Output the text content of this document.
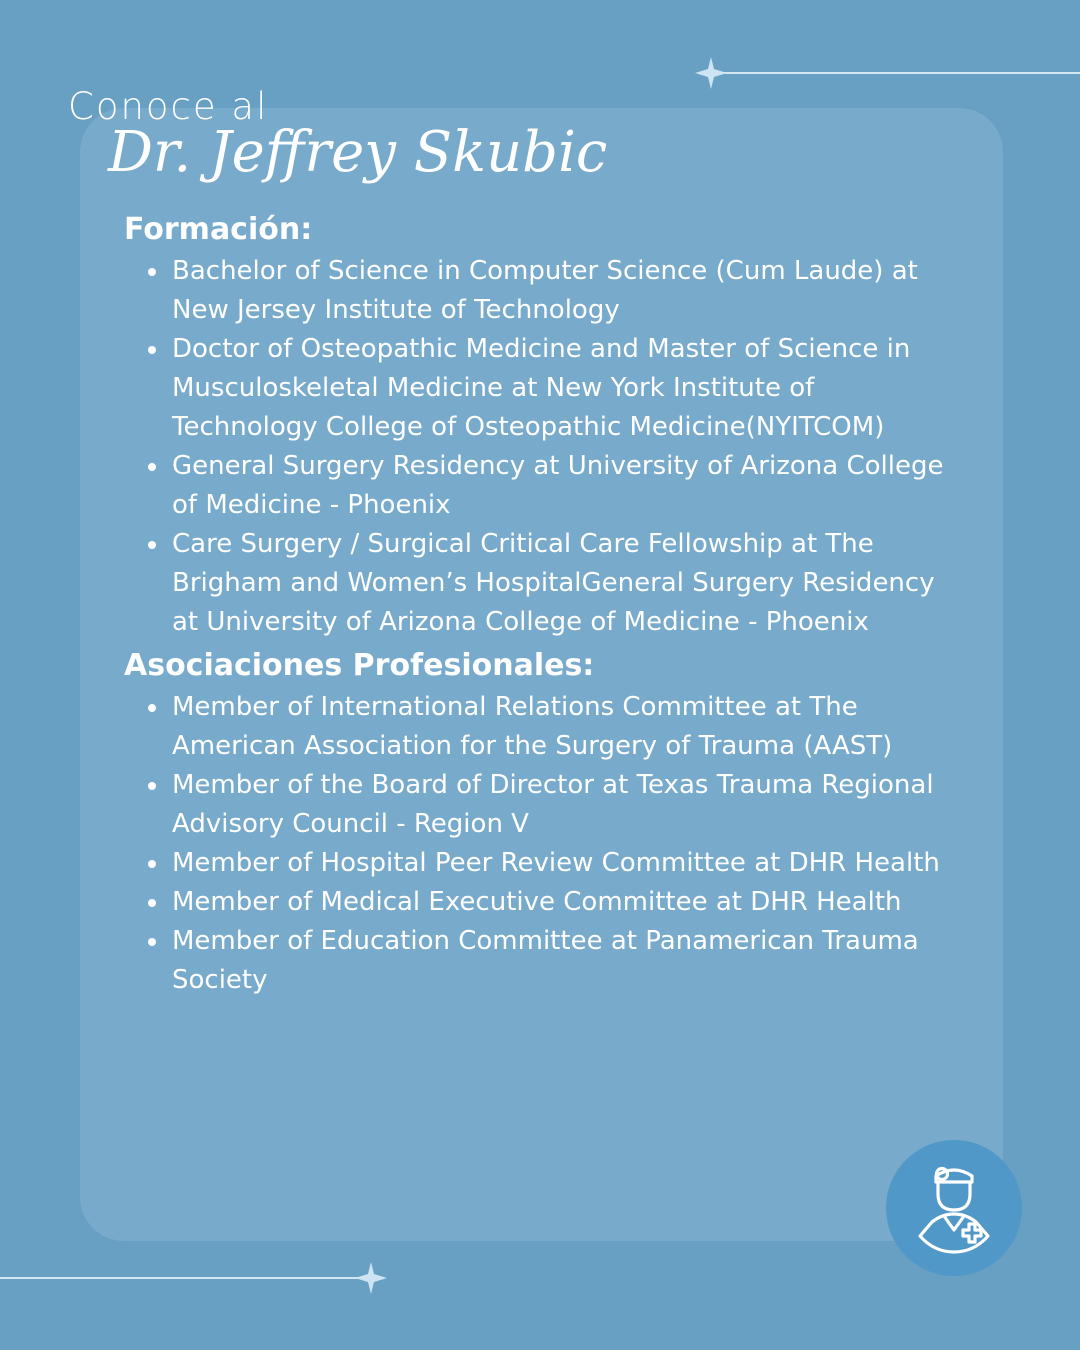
Conoce al

Dr. Jeffrey Skubic
Formación:
Bachelor of Science in Computer Science (Cum Laude) at New Jersey Institute of Technology
Doctor of Osteopathic Medicine and Master of Science in Musculoskeletal Medicine at New York Institute of Technology College of Osteopathic Medicine(NYITCOM)
General Surgery Residency at University of Arizona College of Medicine - Phoenix
Care Surgery / Surgical Critical Care Fellowship at The Brigham and Women’s HospitalGeneral Surgery Residency at University of Arizona College of Medicine - Phoenix
Asociaciones Profesionales:
Member of International Relations Committee at The American Association for the Surgery of Trauma (AAST)
Member of the Board of Director at Texas Trauma Regional Advisory Council - Region V
Member of Hospital Peer Review Committee at DHR Health
Member of Medical Executive Committee at DHR Health
Member of Education Committee at Panamerican Trauma Society
